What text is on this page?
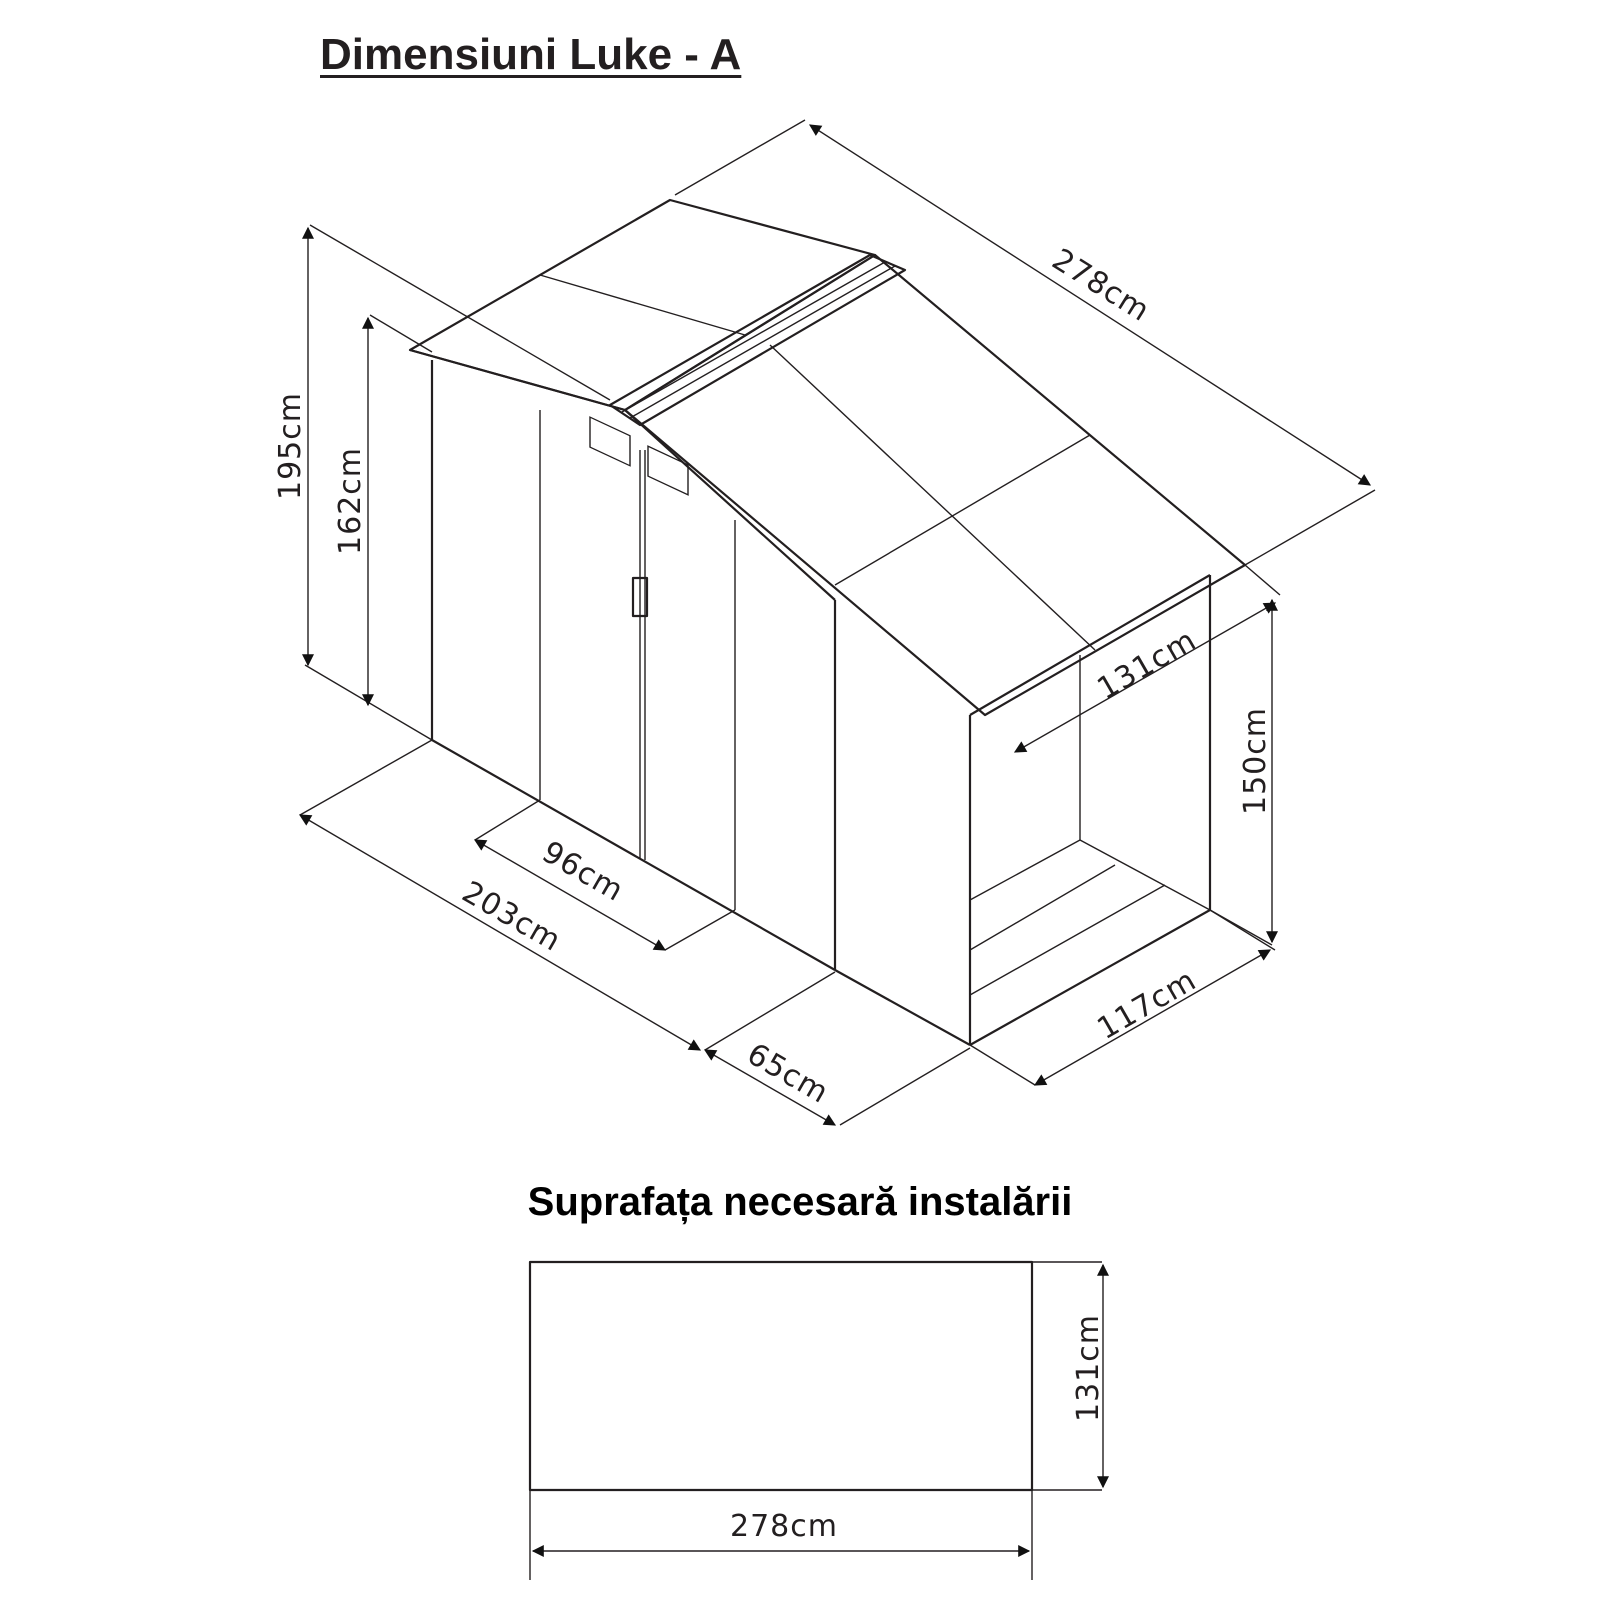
Dimensiuni Luke - A
278cm
195cm
162cm
131cm
150cm
96cm
203cm
117cm
65cm
131cm
278cm
Suprafața necesară instalării
